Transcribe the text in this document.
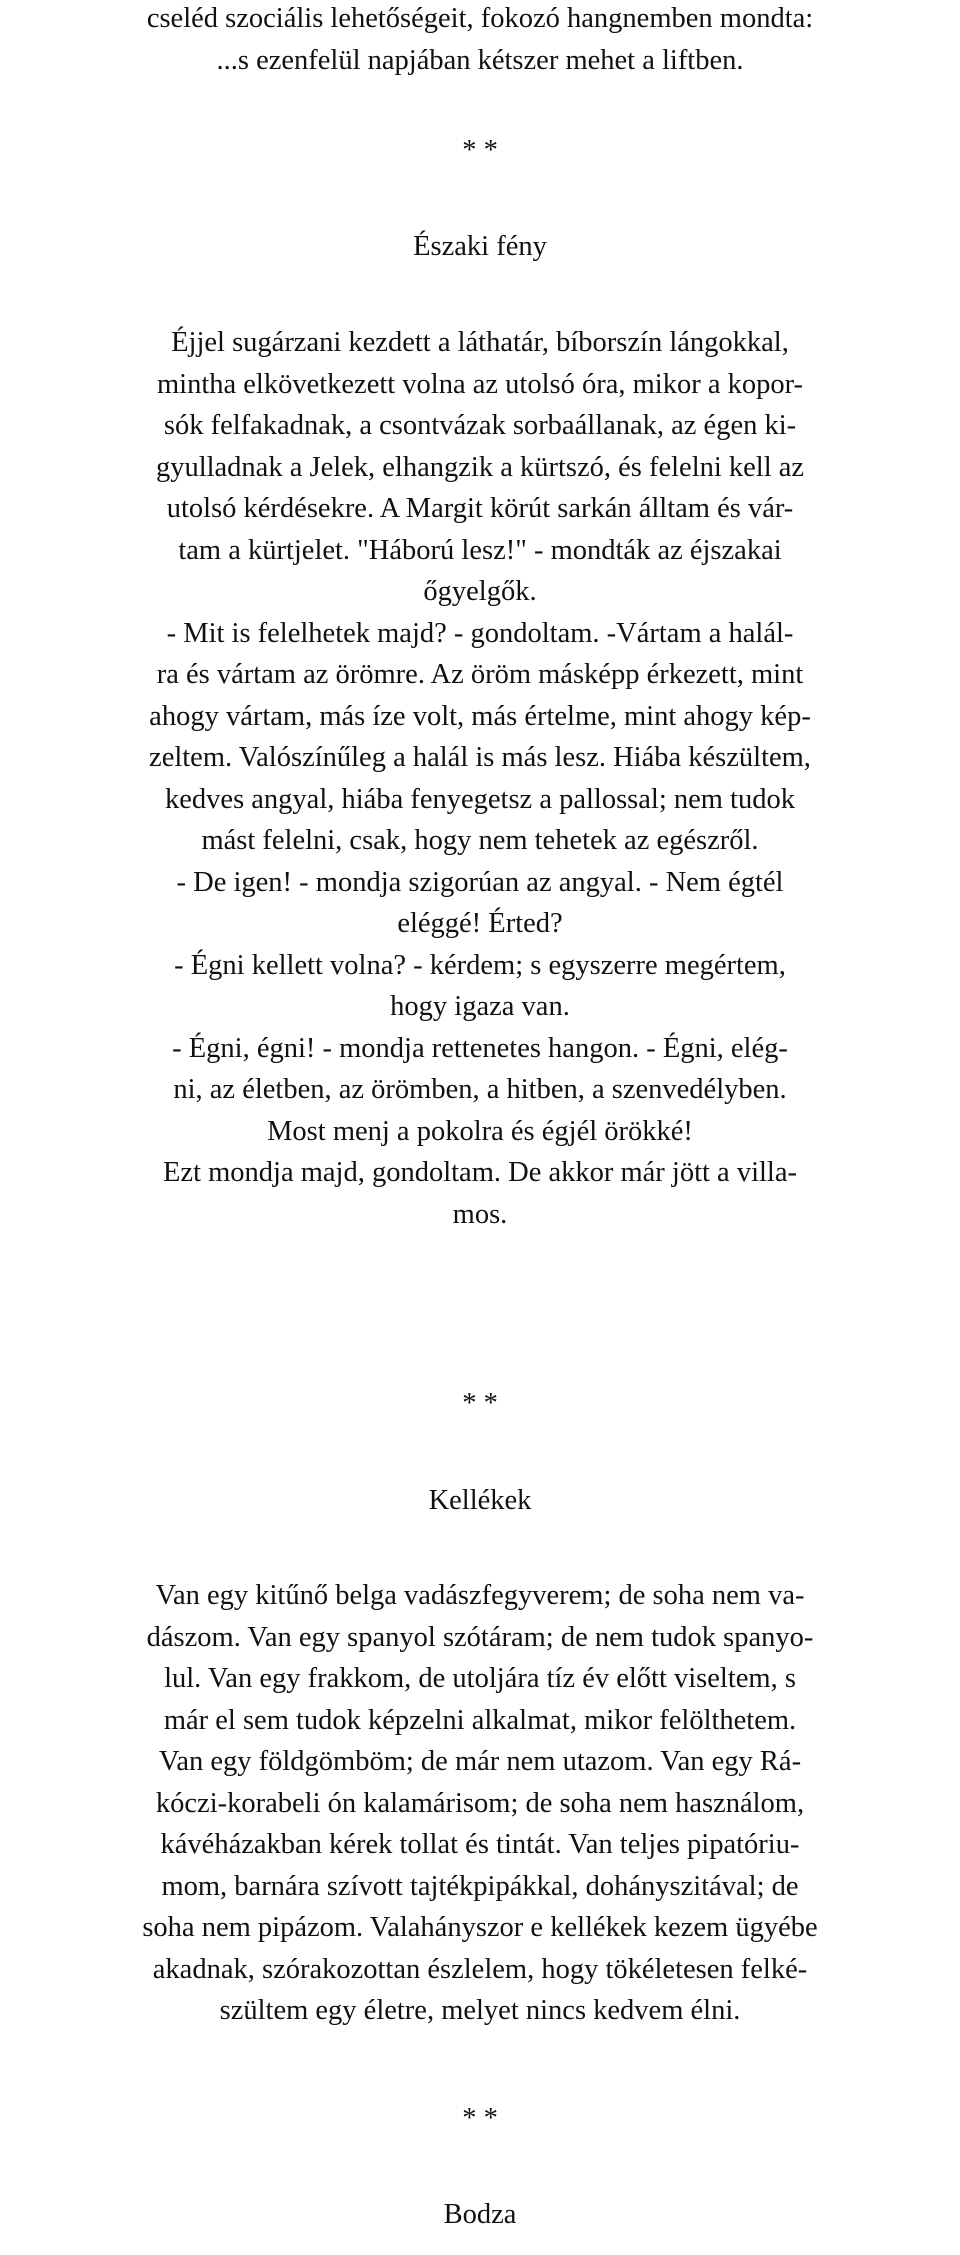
cseléd szociális lehetőségeit, fokozó hangnemben mondta:
...s ezenfelül napjában kétszer mehet a liftben.
* *
Északi fény
Éjjel sugárzani kezdett a láthatár, bíborszín lángokkal,
mintha elkövetkezett volna az utolsó óra, mikor a kopor-
sók felfakadnak, a csontvázak sorbaállanak, az égen ki-
gyulladnak a Jelek, elhangzik a kürtszó, és felelni kell az
utolsó kérdésekre. A Margit körút sarkán álltam és vár-
tam a kürtjelet. "Háború lesz!" - mondták az éjszakai
őgyelgők.
- Mit is felelhetek majd? - gondoltam. -Vártam a halál-
ra és vártam az örömre. Az öröm másképp érkezett, mint
ahogy vártam, más íze volt, más értelme, mint ahogy kép-
zeltem. Valószínűleg a halál is más lesz. Hiába készültem,
kedves angyal, hiába fenyegetsz a pallossal; nem tudok
mást felelni, csak, hogy nem tehetek az egészről.
- De igen! - mondja szigorúan az angyal. - Nem égtél
eléggé! Érted?
- Égni kellett volna? - kérdem; s egyszerre megértem,
hogy igaza van.
- Égni, égni! - mondja rettenetes hangon. - Égni, elég-
ni, az életben, az örömben, a hitben, a szenvedélyben.
Most menj a pokolra és égjél örökké!
Ezt mondja majd, gondoltam. De akkor már jött a villa-
mos.
* *
Kellékek
Van egy kitűnő belga vadászfegyverem; de soha nem va-
dászom. Van egy spanyol szótáram; de nem tudok spanyo-
lul. Van egy frakkom, de utoljára tíz év előtt viseltem, s
már el sem tudok képzelni alkalmat, mikor felölthetem.
Van egy földgömböm; de már nem utazom. Van egy Rá-
kóczi-korabeli ón kalamárisom; de soha nem használom,
kávéházakban kérek tollat és tintát. Van teljes pipatóriu-
mom, barnára szívott tajtékpipákkal, dohányszitával; de
soha nem pipázom. Valahányszor e kellékek kezem ügyébe
akadnak, szórakozottan észlelem, hogy tökéletesen felké-
szültem egy életre, melyet nincs kedvem élni.
* *
Bodza
